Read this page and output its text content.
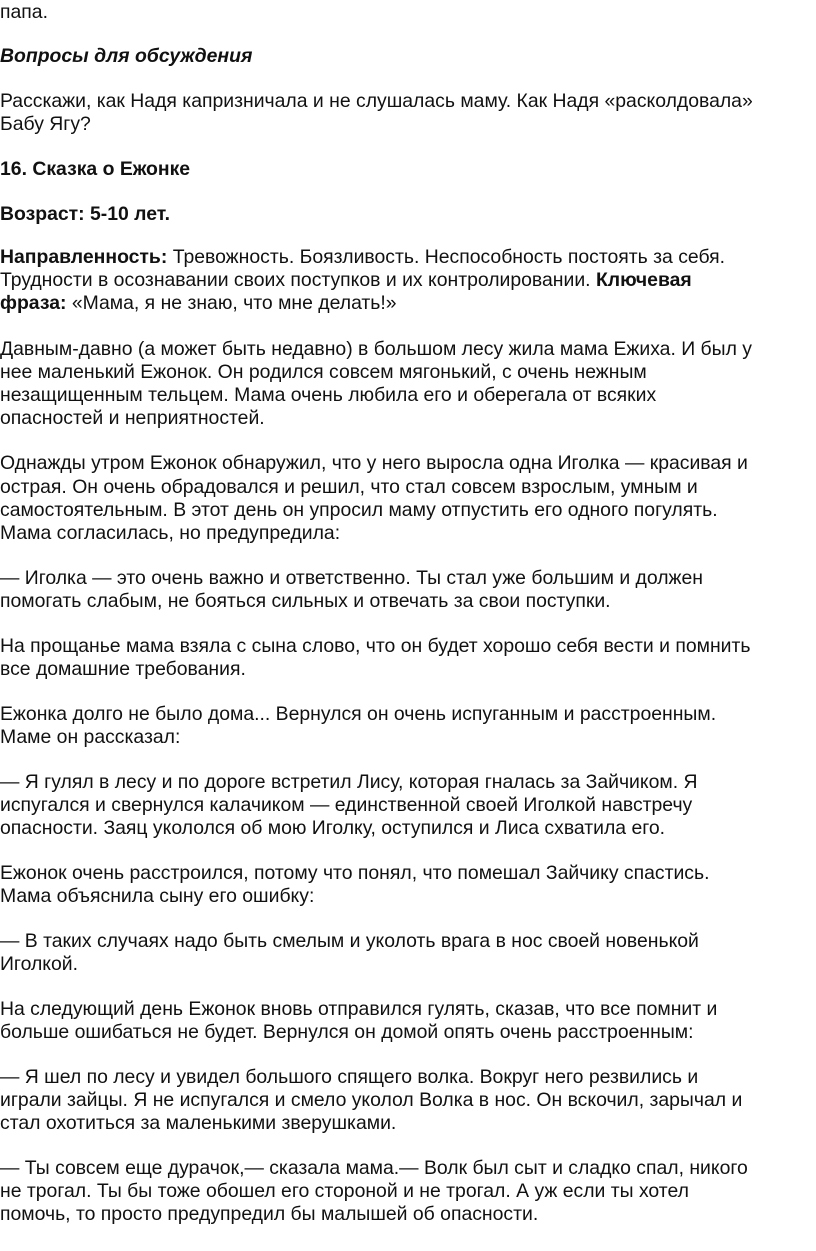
папа.
Вопросы для обсуждения
Расскажи, как Надя капризничала и не слушалась маму. Как Надя «расколдовала»
Бабу Ягу?
16. Сказка о Ежонке
Возраст: 5-10 лет.
Направленность: Тревожность. Боязливость. Неспособность постоять за себя.
Трудности в осознавании своих поступков и их контролировании. Ключевая
фраза: «Мама, я не знаю, что мне делать!»
Давным-давно (а может быть недавно) в большом лесу жила мама Ежиха. И был у
нее маленький Ежонок. Он родился совсем мягонький, с очень нежным
незащищенным тельцем. Мама очень любила его и оберегала от всяких
опасностей и неприятностей.
Однажды утром Ежонок обнаружил, что у него выросла одна Иголка — красивая и
острая. Он очень обрадовался и решил, что стал совсем взрослым, умным и
самостоятельным. В этот день он упросил маму отпустить его одного погулять.
Мама согласилась, но предупредила:
— Иголка — это очень важно и ответственно. Ты стал уже большим и должен
помогать слабым, не бояться сильных и отвечать за свои поступки.
На прощанье мама взяла с сына слово, что он будет хорошо себя вести и помнить
все домашние требования.
Ежонка долго не было дома... Вернулся он очень испуганным и расстроенным.
Маме он рассказал:
— Я гулял в лесу и по дороге встретил Лису, которая гналась за Зайчиком. Я
испугался и свернулся калачиком — единственной своей Иголкой навстречу
опасности. Заяц укололся об мою Иголку, оступился и Лиса схватила его.
Ежонок очень расстроился, потому что понял, что помешал Зайчику спастись.
Мама объяснила сыну его ошибку:
— В таких случаях надо быть смелым и уколоть врага в нос своей новенькой
Иголкой.
На следующий день Ежонок вновь отправился гулять, сказав, что все помнит и
больше ошибаться не будет. Вернулся он домой опять очень расстроенным:
— Я шел по лесу и увидел большого спящего волка. Вокруг него резвились и
играли зайцы. Я не испугался и смело уколол Волка в нос. Он вскочил, зарычал и
стал охотиться за маленькими зверушками.
— Ты совсем еще дурачок,— сказала мама.— Волк был сыт и сладко спал, никого
не трогал. Ты бы тоже обошел его стороной и не трогал. А уж если ты хотел
помочь, то просто предупредил бы малышей об опасности.
